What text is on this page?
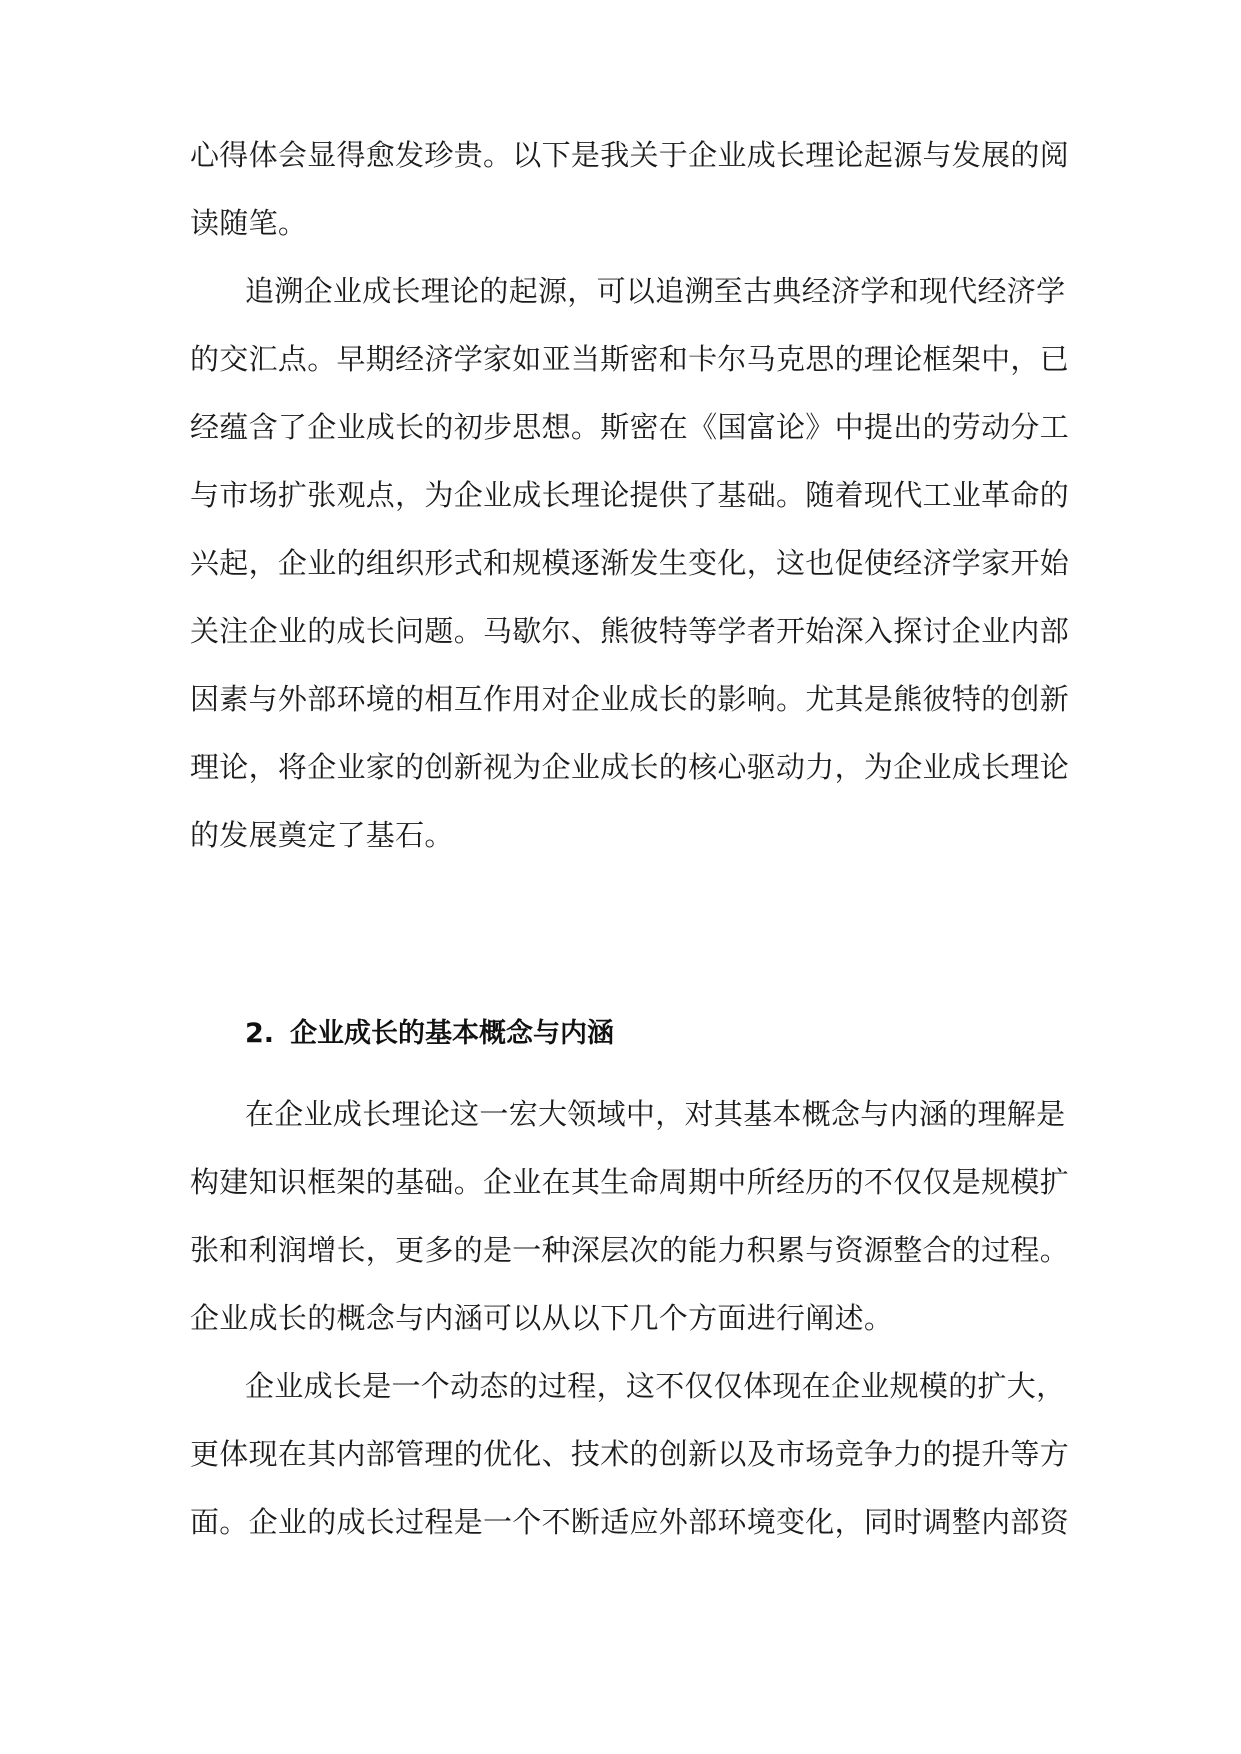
心得体会显得愈发珍贵。以下是我关于企业成长理论起源与发展的阅
读随笔。
追溯企业成长理论的起源，可以追溯至古典经济学和现代经济学
的交汇点。早期经济学家如亚当斯密和卡尔马克思的理论框架中，已
经蕴含了企业成长的初步思想。斯密在《国富论》中提出的劳动分工
与市场扩张观点，为企业成长理论提供了基础。随着现代工业革命的
兴起，企业的组织形式和规模逐渐发生变化，这也促使经济学家开始
关注企业的成长问题。马歇尔、熊彼特等学者开始深入探讨企业内部
因素与外部环境的相互作用对企业成长的影响。尤其是熊彼特的创新
理论，将企业家的创新视为企业成长的核心驱动力，为企业成长理论
的发展奠定了基石。
2. 企业成长的基本概念与内涵
在企业成长理论这一宏大领域中，对其基本概念与内涵的理解是
构建知识框架的基础。企业在其生命周期中所经历的不仅仅是规模扩
张和利润增长，更多的是一种深层次的能力积累与资源整合的过程。
企业成长的概念与内涵可以从以下几个方面进行阐述。
企业成长是一个动态的过程，这不仅仅体现在企业规模的扩大，
更体现在其内部管理的优化、技术的创新以及市场竞争力的提升等方
面。企业的成长过程是一个不断适应外部环境变化，同时调整内部资
